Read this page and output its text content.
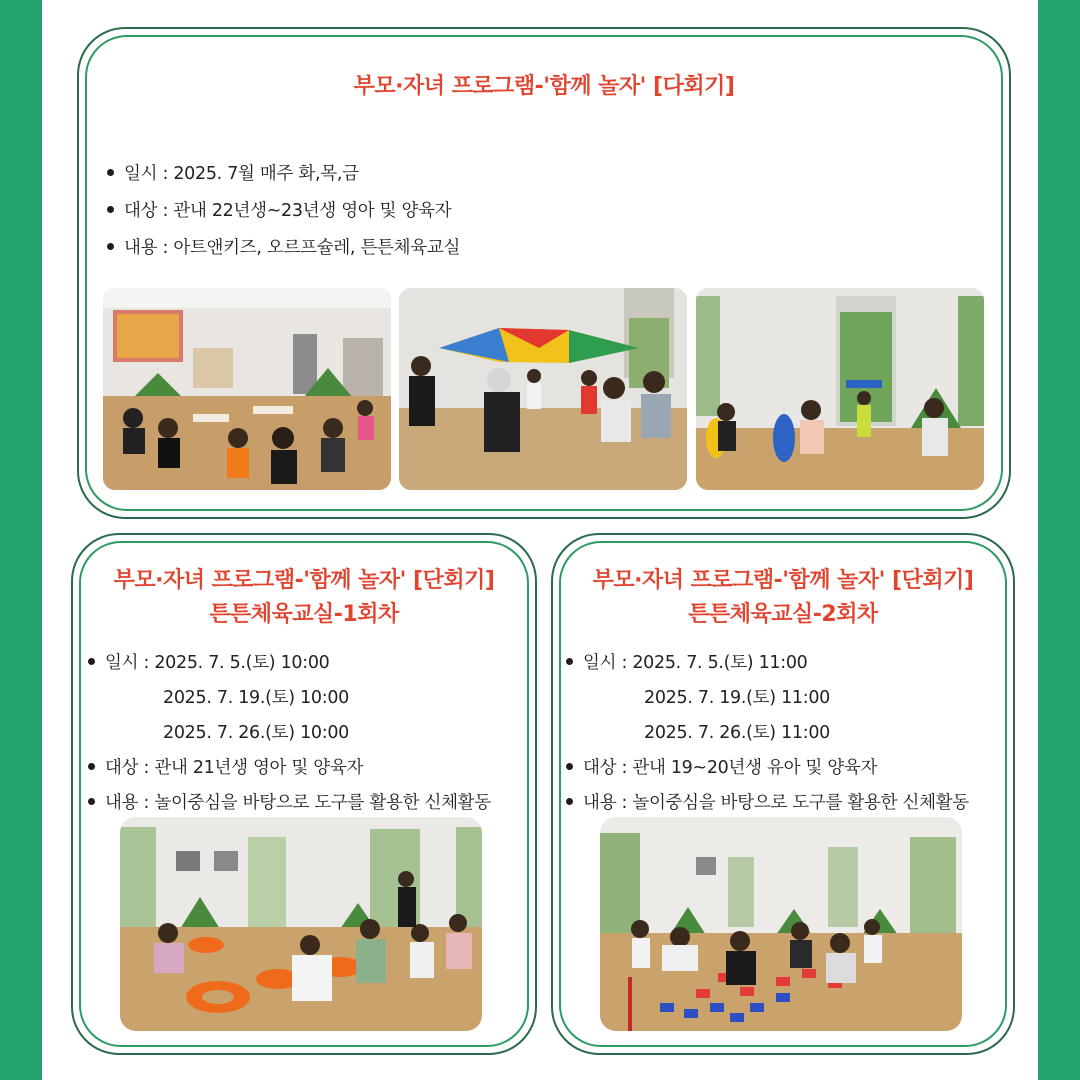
부모·자녀 프로그램-'함께 놀자' [다회기]
일시 : 2025. 7월 매주 화,목,금
대상 : 관내 22년생~23년생 영아 및 양육자
내용 : 아트앤키즈, 오르프슐레, 튼튼체육교실
부모·자녀 프로그램-'함께 놀자' [단회기]
튼튼체육교실-1회차
일시 : 2025. 7. 5.(토) 10:00
2025. 7. 19.(토) 10:00
2025. 7. 26.(토) 10:00
대상 : 관내 21년생 영아 및 양육자
내용 : 놀이중심을 바탕으로 도구를 활용한 신체활동
부모·자녀 프로그램-'함께 놀자' [단회기]
튼튼체육교실-2회차
일시 : 2025. 7. 5.(토) 11:00
2025. 7. 19.(토) 11:00
2025. 7. 26.(토) 11:00
대상 : 관내 19~20년생 유아 및 양육자
내용 : 놀이중심을 바탕으로 도구를 활용한 신체활동
